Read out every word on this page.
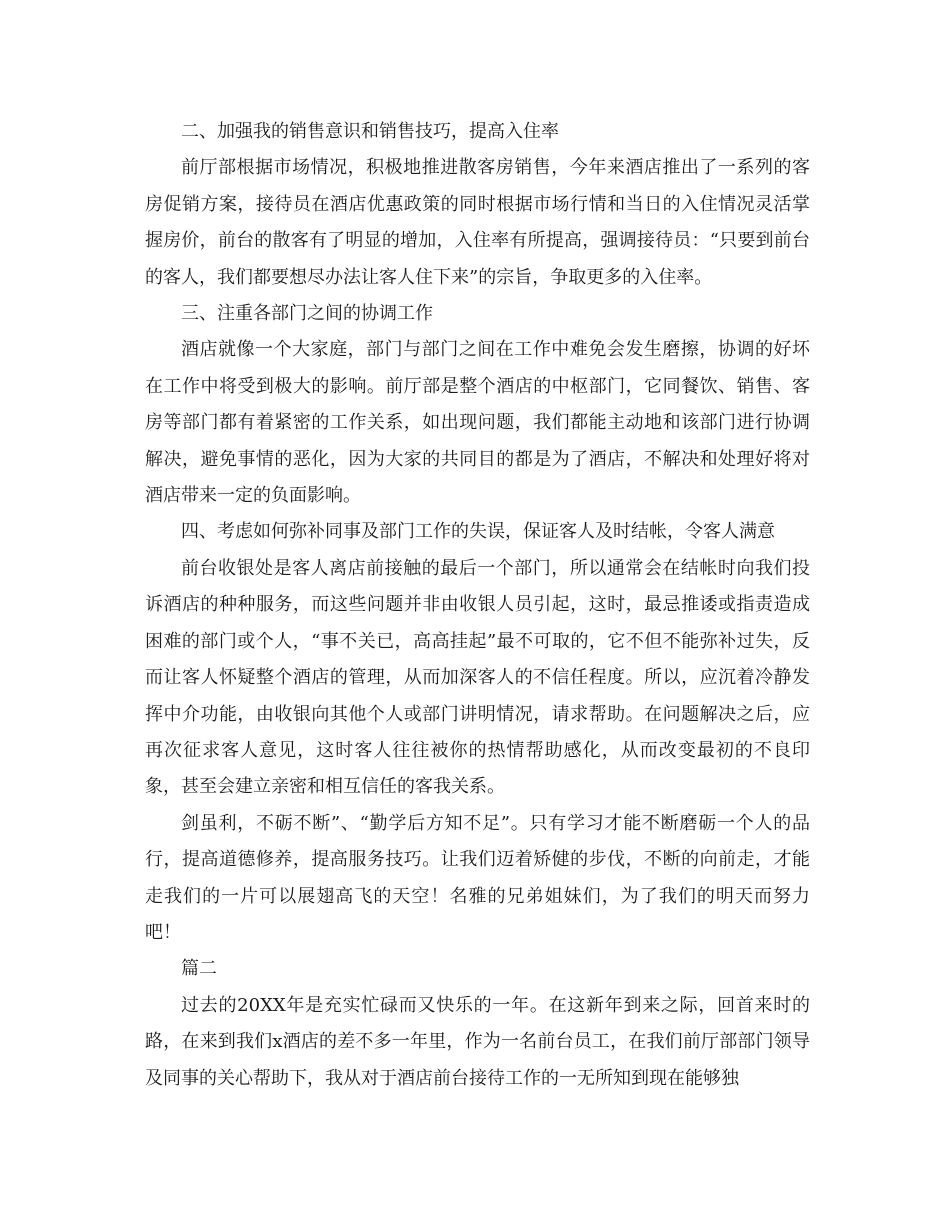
二、加强我的销售意识和销售技巧，提高入住率

前厅部根据市场情况，积极地推进散客房销售，今年来酒店推出了一系列的客房促销方案，接待员在酒店优惠政策的同时根据市场行情和当日的入住情况灵活掌握房价，前台的散客有了明显的增加，入住率有所提高，强调接待员：“只要到前台的客人，我们都要想尽办法让客人住下来”的宗旨，争取更多的入住率。

三、注重各部门之间的协调工作

酒店就像一个大家庭，部门与部门之间在工作中难免会发生磨擦，协调的好坏在工作中将受到极大的影响。前厅部是整个酒店的中枢部门，它同餐饮、销售、客房等部门都有着紧密的工作关系，如出现问题，我们都能主动地和该部门进行协调解决，避免事情的恶化，因为大家的共同目的都是为了酒店，不解决和处理好将对酒店带来一定的负面影响。

四、考虑如何弥补同事及部门工作的失误，保证客人及时结帐，令客人满意

前台收银处是客人离店前接触的最后一个部门，所以通常会在结帐时向我们投诉酒店的种种服务，而这些问题并非由收银人员引起，这时，最忌推诿或指责造成困难的部门或个人，“事不关已，高高挂起”最不可取的，它不但不能弥补过失，反而让客人怀疑整个酒店的管理，从而加深客人的不信任程度。所以，应沉着冷静发挥中介功能，由收银向其他个人或部门讲明情况，请求帮助。在问题解决之后，应再次征求客人意见，这时客人往往被你的热情帮助感化，从而改变最初的不良印象，甚至会建立亲密和相互信任的客我关系。

剑虽利，不砺不断”、“勤学后方知不足”。只有学习才能不断磨砺一个人的品行，提高道德修养，提高服务技巧。让我们迈着矫健的步伐，不断的向前走，才能走我们的一片可以展翅高飞的天空！名雅的兄弟姐妹们，为了我们的明天而努力吧！

篇二

过去的20XX年是充实忙碌而又快乐的一年。在这新年到来之际，回首来时的路，在来到我们x酒店的差不多一年里，作为一名前台员工，在我们前厅部部门领导及同事的关心帮助下，我从对于酒店前台接待工作的一无所知到现在能够独
